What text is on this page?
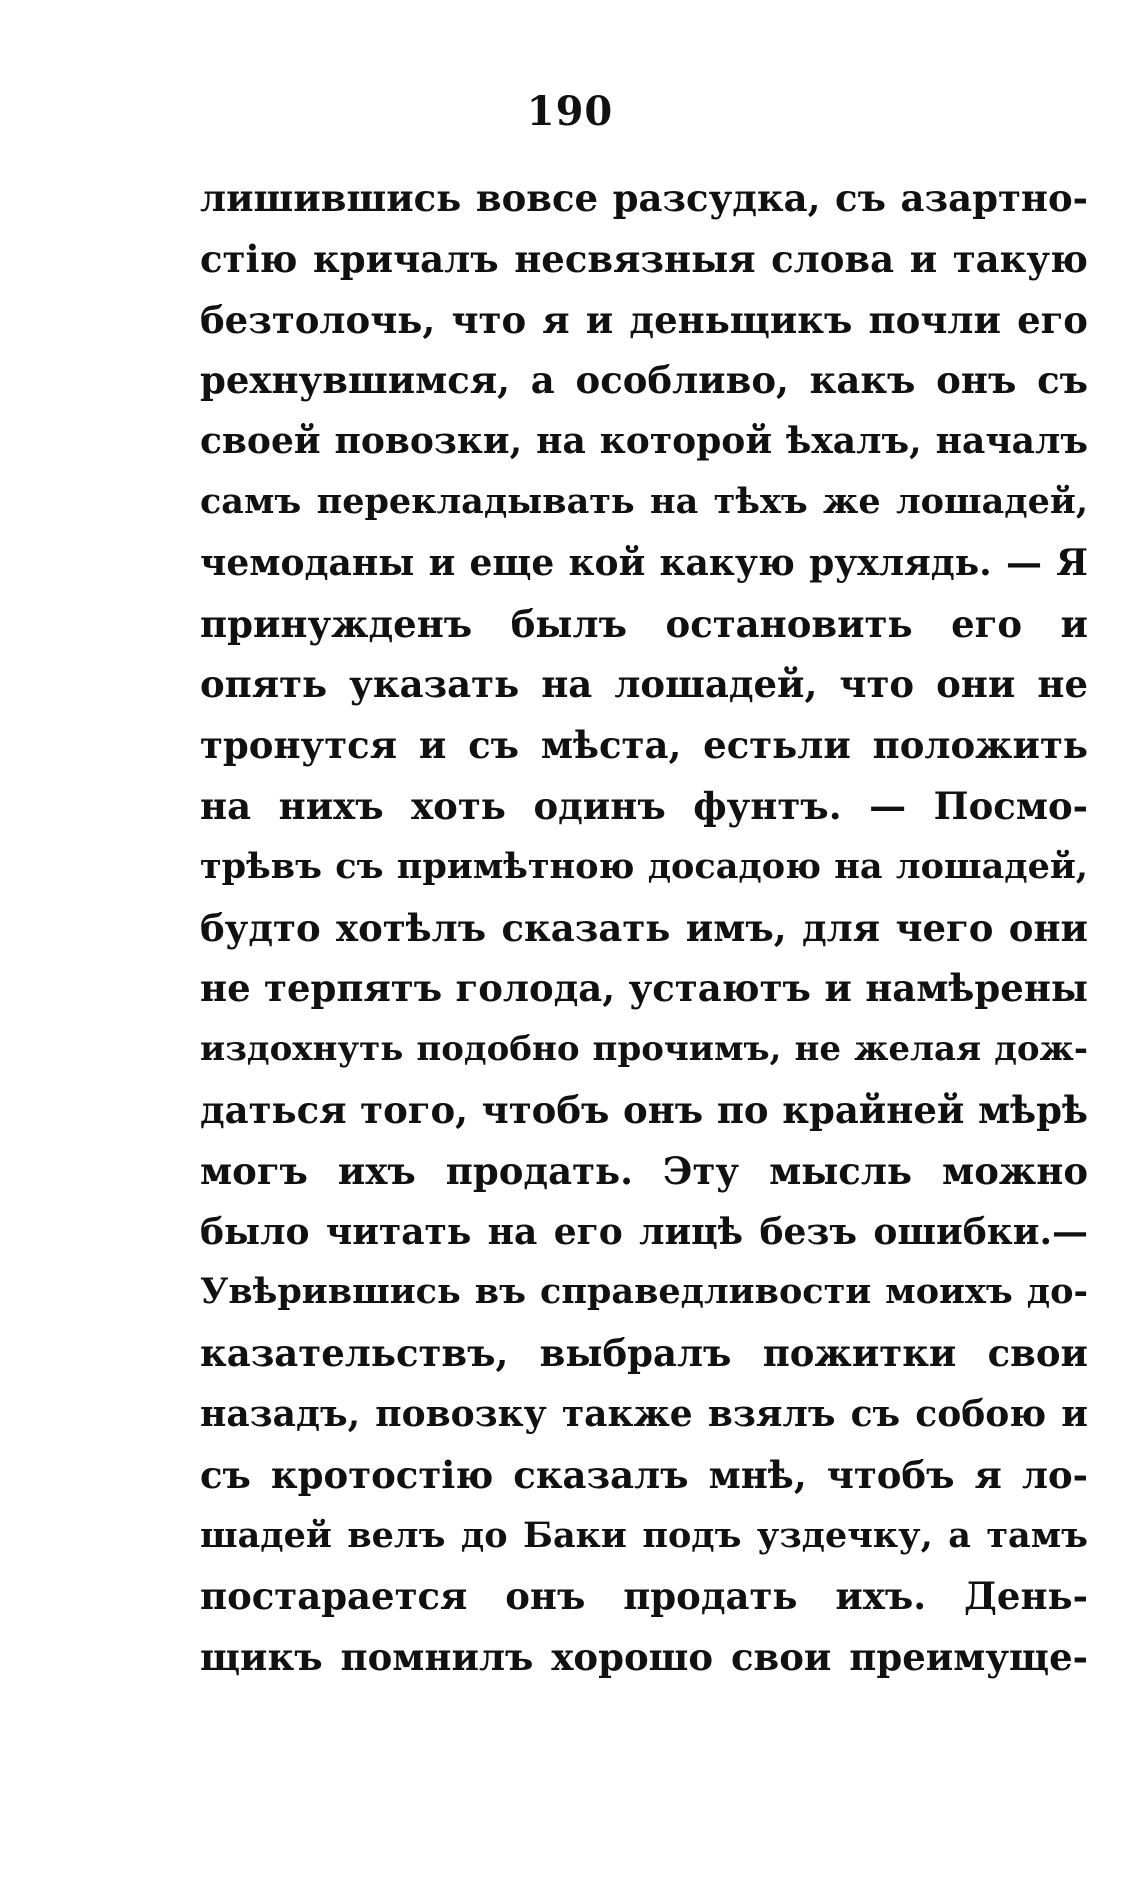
190
лишившись вовсе разсудка, съ азартно-
стію кричалъ несвязныя слова и такую
безтолочь, что я и деньщикъ почли его
рехнувшимся, а особливо, какъ онъ съ
своей повозки, на которой ѣхалъ, началъ
самъ перекладывать на тѣхъ же лошадей,
чемоданы и еще кой какую рухлядь. — Я
принужденъ былъ остановить его и
опять указать на лошадей, что они не
тронутся и съ мѣста, естьли положить
на нихъ хоть одинъ фунтъ. — Посмо-
трѣвъ съ примѣтною досадою на лошадей,
будто хотѣлъ сказать имъ, для чего они
не терпятъ голода, устаютъ и намѣрены
издохнуть подобно прочимъ, не желая дож-
даться того, чтобъ онъ по крайней мѣрѣ
могъ ихъ продать. Эту мысль можно
было читать на его лицѣ безъ ошибки.—
Увѣрившись въ справедливости моихъ до-
казательствъ, выбралъ пожитки свои
назадъ, повозку также взялъ съ собою и
съ кротостію сказалъ мнѣ, чтобъ я ло-
шадей велъ до Баки подъ уздечку, а тамъ
постарается онъ продать ихъ. День-
щикъ помнилъ хорошо свои преимуще-
